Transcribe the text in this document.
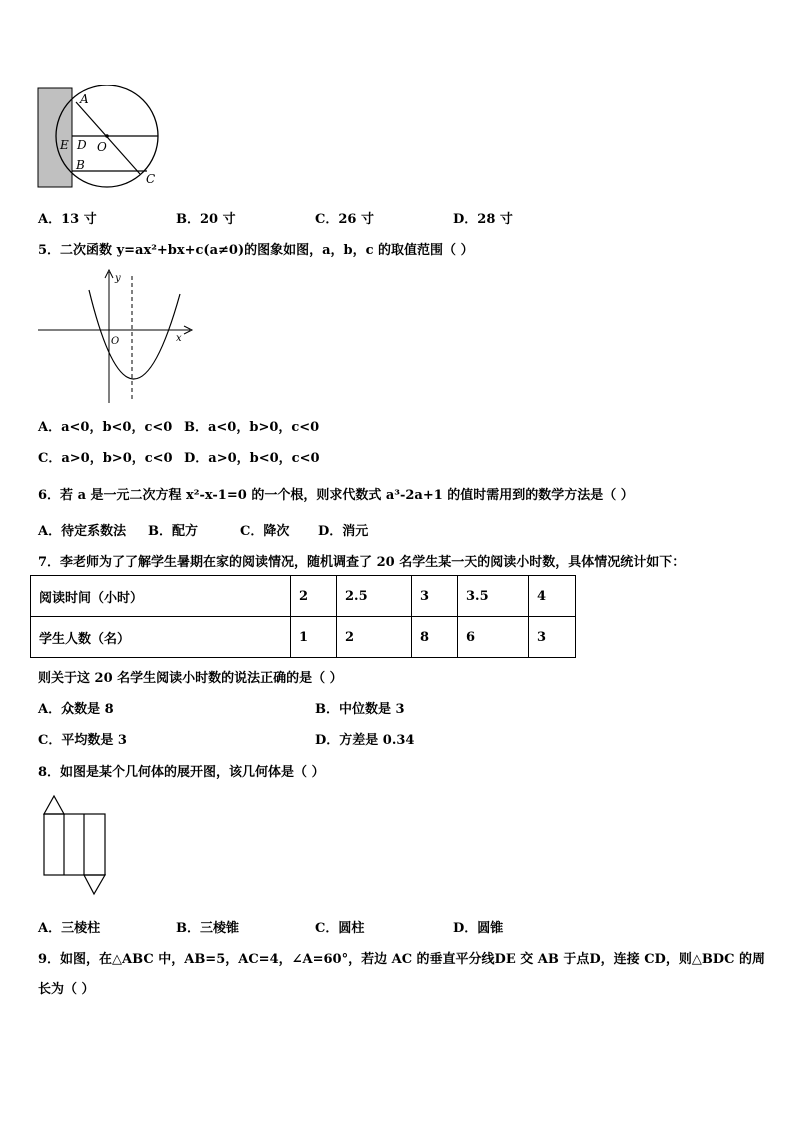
A
E D O
B
C
A．13 寸	B．20 寸	C．26 寸	D．28 寸
5．二次函数 y=ax²+bx+c(a≠0)的图象如图，a，b，c 的取值范围（ ）
y
x
O
A．a<0，b<0，c<0 B．a<0，b>0，c<0
C．a>0，b>0，c<0 D．a>0，b<0，c<0
6．若 a 是一元二次方程 x²-x-1=0 的一个根，则求代数式 a³-2a+1 的值时需用到的数学方法是（ ）
A．待定系数法 B．配方	C．降次 D．消元
7．李老师为了了解学生暑期在家的阅读情况，随机调查了 20 名学生某一天的阅读小时数，具体情况统计如下：
阅读时间（小时）	2	2.5	3	3.5	4
学生人数（名）	1	2	8	6	3
则关于这 20 名学生阅读小时数的说法正确的是（ ）
A．众数是 8	B．中位数是 3
C．平均数是 3	D．方差是 0.34
8．如图是某个几何体的展开图，该几何体是（ ）
A．三棱柱	B．三棱锥	C．圆柱	D．圆锥
9．如图，在△ABC 中，AB=5，AC=4，∠A=60°，若边 AC 的垂直平分线DE 交 AB 于点D，连接 CD，则△BDC 的周
长为（ ）
